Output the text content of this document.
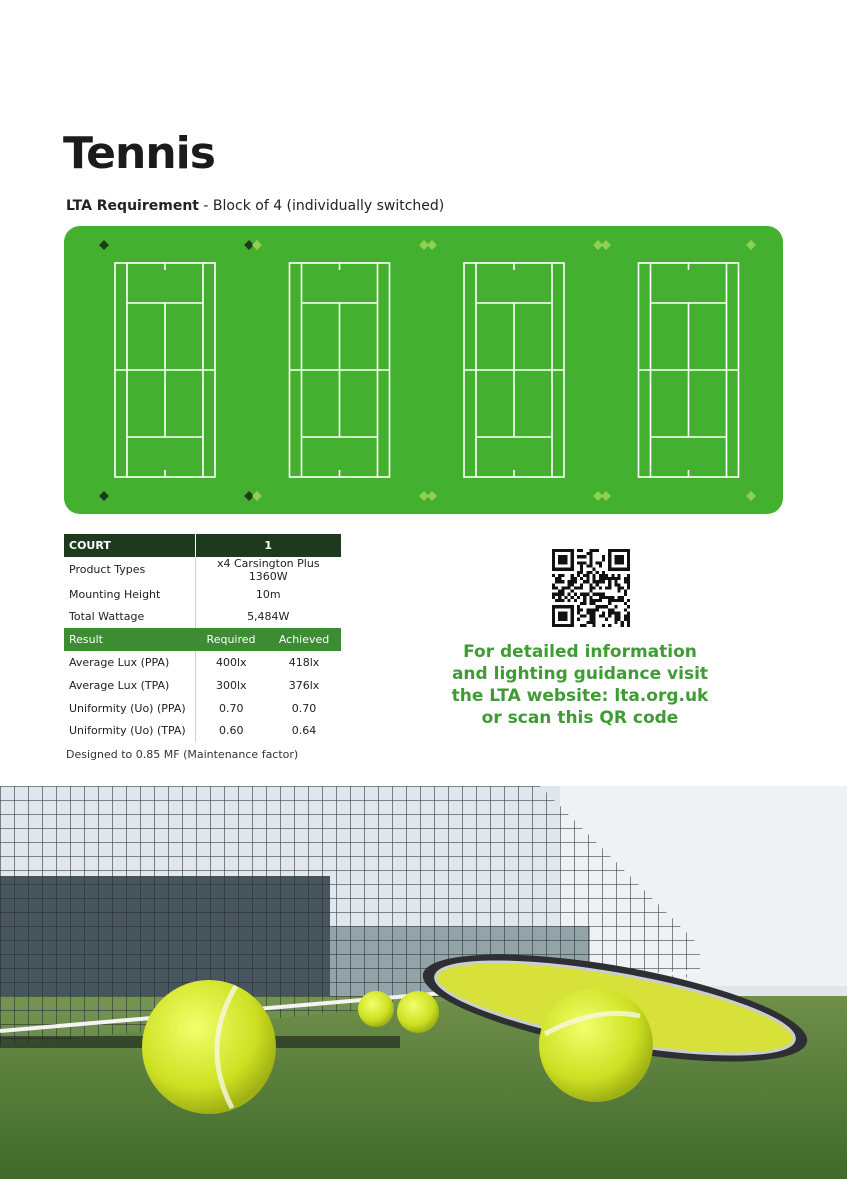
Tennis
LTA Requirement - Block of 4 (individually switched)
COURT	1	
Product Types	x4 Carsington Plus 1360W	
Mounting Height	10m	
Total Wattage	5,484W	
Result	Required	Achieved
Average Lux (PPA)	400lx	418lx
Average Lux (TPA)	300lx	376lx
Uniformity (Uo) (PPA)	0.70	0.70
Uniformity (Uo) (TPA)	0.60	0.64
Designed to 0.85 MF (Maintenance factor)
For detailed information
and lighting guidance visit
the LTA website: lta.org.uk
or scan this QR code
